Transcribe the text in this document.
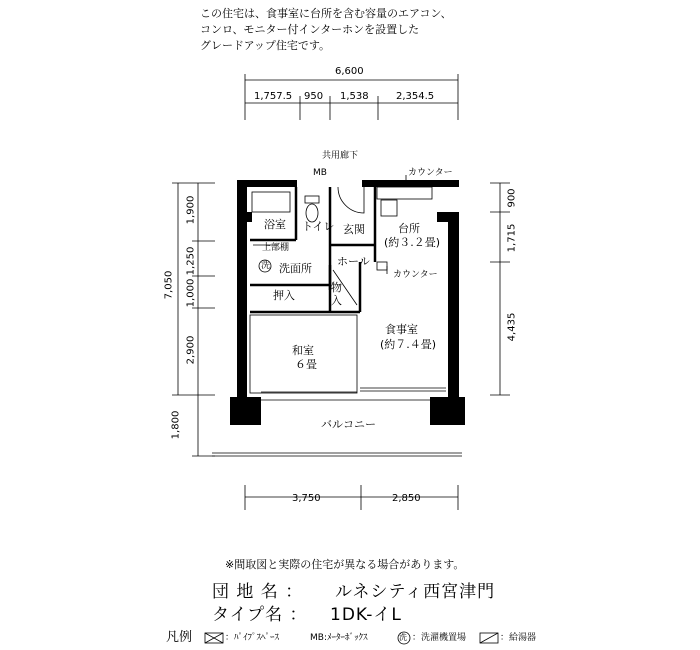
この住宅は、食事室に台所を含む容量のエアコン、
コンロ、モニター付インターホンを設置した
グレードアップ住宅です。
6,600
1,757.5 950 1,538	2,354.5
3,750	2,850
7,050
1,900
1,250
1,000
2,900
1,800
900
1,715
4,435
共用廊下
MB	カウンター
浴室 トイレ 玄関	台所
(約３.２畳)
上部棚
洗 洗面所
ホール
カウンター
押入
物
入
食事室
(約７.４畳)
和室
６畳
バルコニー
※間取図と実際の住宅が異なる場合があります。
団 地 名 ： ルネシティ西宮津門
タイプ名 ： 1DK-イL
凡例	：ﾊﾟｲﾌﾟｽﾍﾟｰｽ	MB:ﾒｰﾀｰﾎﾞｯｸｽ	洗 ：洗濯機置場	：給湯器
